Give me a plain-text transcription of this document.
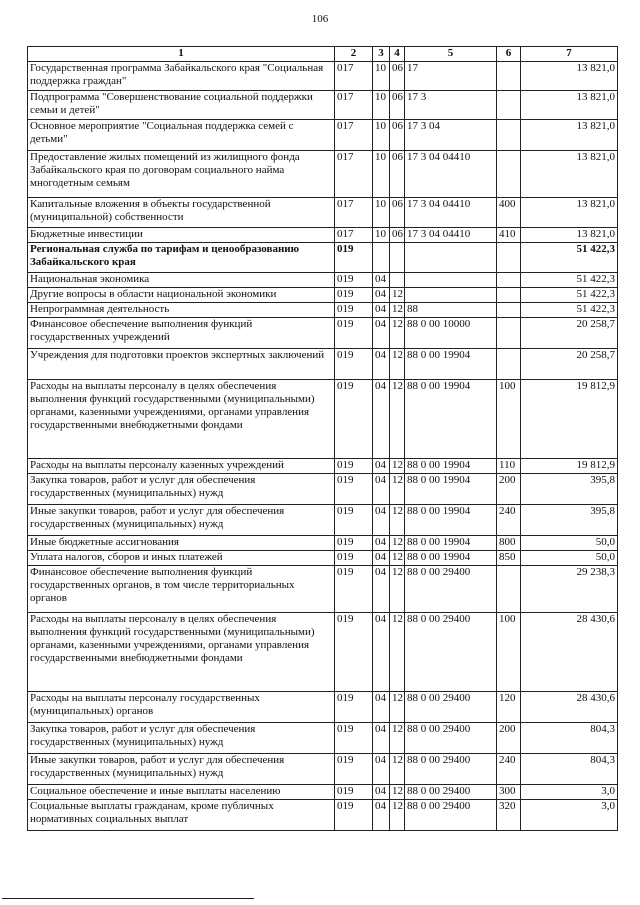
106
1	2	3	4	5	6	7
Государственная программа Забайкальского края "Социальная поддержка граждан"	017	10	06	17		13 821,0
Подпрограмма "Совершенствование социальной поддержки семьи и детей"	017	10	06	17 3		13 821,0
Основное мероприятие "Социальная поддержка семей с детьми"	017	10	06	17 3 04		13 821,0
Предоставление жилых помещений из жилищного фонда Забайкальского края по договорам социального найма многодетным семьям	017	10	06	17 3 04 04410		13 821,0
Капитальные вложения в объекты государственной (муниципальной) собственности	017	10	06	17 3 04 04410	400	13 821,0
Бюджетные инвестиции	017	10	06	17 3 04 04410	410	13 821,0
Региональная служба по тарифам и ценообразованию Забайкальского края	019					51 422,3
Национальная экономика	019	04				51 422,3
Другие вопросы в области национальной экономики	019	04	12			51 422,3
Непрограммная деятельность	019	04	12	88		51 422,3
Финансовое обеспечение выполнения функций государственных учреждений	019	04	12	88 0 00 10000		20 258,7
Учреждения для подготовки проектов экспертных заключений	019	04	12	88 0 00 19904		20 258,7
Расходы на выплаты персоналу в целях обеспечения выполнения функций государственными (муниципальными) органами, казенными учреждениями, органами управления государственными внебюджетными фондами	019	04	12	88 0 00 19904	100	19 812,9
Расходы на выплаты персоналу казенных учреждений	019	04	12	88 0 00 19904	110	19 812,9
Закупка товаров, работ и услуг для обеспечения государственных (муниципальных) нужд	019	04	12	88 0 00 19904	200	395,8
Иные закупки товаров, работ и услуг для обеспечения государственных (муниципальных) нужд	019	04	12	88 0 00 19904	240	395,8
Иные бюджетные ассигнования	019	04	12	88 0 00 19904	800	50,0
Уплата налогов, сборов и иных платежей	019	04	12	88 0 00 19904	850	50,0
Финансовое обеспечение выполнения функций государственных органов, в том числе территориальных органов	019	04	12	88 0 00 29400		29 238,3
Расходы на выплаты персоналу в целях обеспечения выполнения функций государственными (муниципальными) органами, казенными учреждениями, органами управления государственными внебюджетными фондами	019	04	12	88 0 00 29400	100	28 430,6
Расходы на выплаты персоналу государственных (муниципальных) органов	019	04	12	88 0 00 29400	120	28 430,6
Закупка товаров, работ и услуг для обеспечения государственных (муниципальных) нужд	019	04	12	88 0 00 29400	200	804,3
Иные закупки товаров, работ и услуг для обеспечения государственных (муниципальных) нужд	019	04	12	88 0 00 29400	240	804,3
Социальное обеспечение и иные выплаты населению	019	04	12	88 0 00 29400	300	3,0
Социальные выплаты гражданам, кроме публичных нормативных социальных выплат	019	04	12	88 0 00 29400	320	3,0
